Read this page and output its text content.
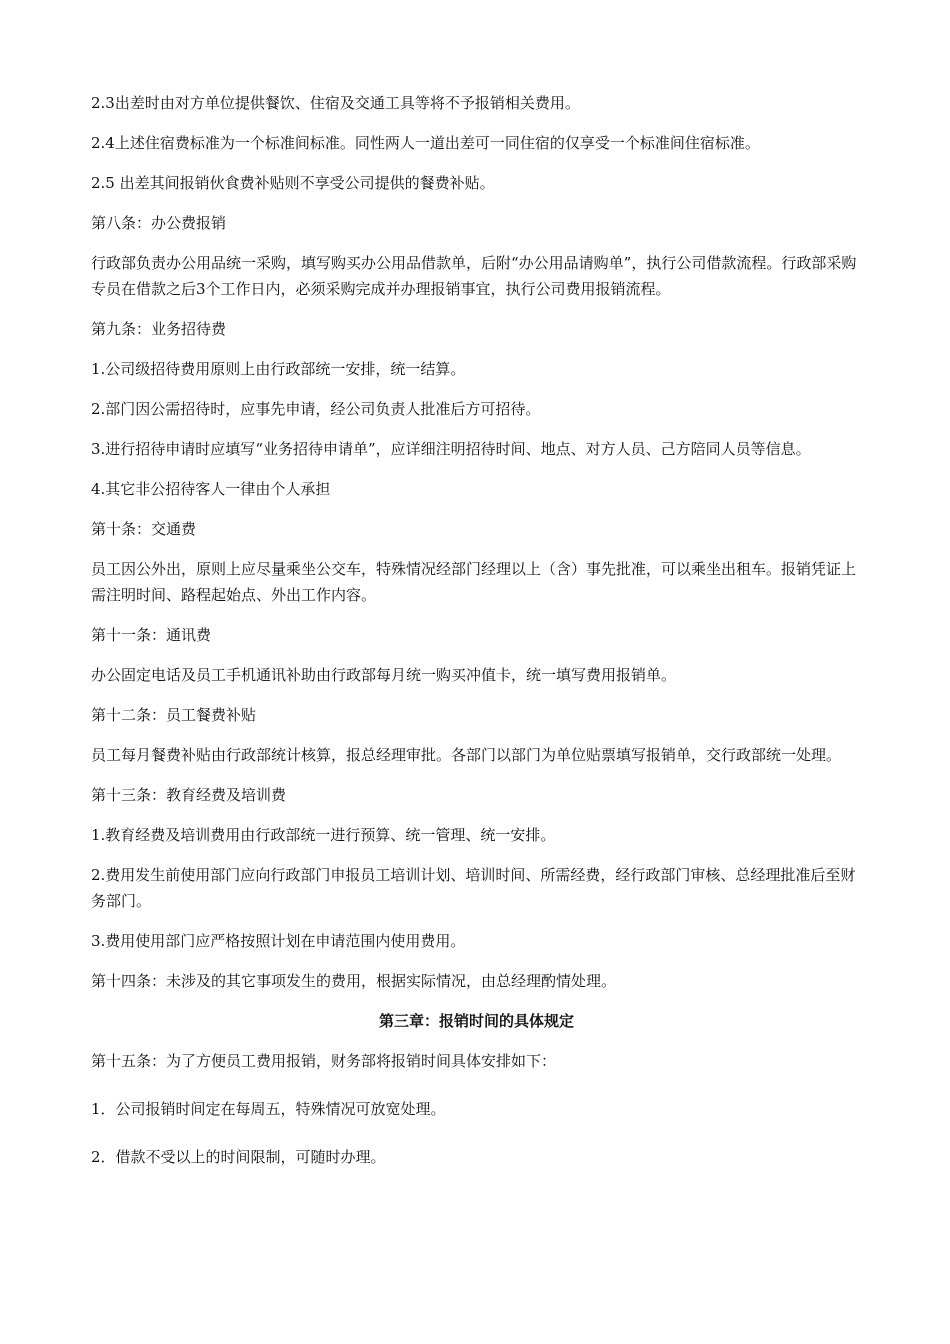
2.3出差时由对方单位提供餐饮、住宿及交通工具等将不予报销相关费用。

2.4上述住宿费标准为一个标准间标准。同性两人一道出差可一同住宿的仅享受一个标准间住宿标准。

2.5 出差其间报销伙食费补贴则不享受公司提供的餐费补贴。

第八条：办公费报销

行政部负责办公用品统一采购，填写购买办公用品借款单，后附“办公用品请购单”，执行公司借款流程。行政部采购专员在借款之后3个工作日内，必须采购完成并办理报销事宜，执行公司费用报销流程。

第九条：业务招待费

1.公司级招待费用原则上由行政部统一安排，统一结算。

2.部门因公需招待时，应事先申请，经公司负责人批准后方可招待。

3.进行招待申请时应填写“业务招待申请单”，应详细注明招待时间、地点、对方人员、己方陪同人员等信息。

4.其它非公招待客人一律由个人承担

第十条：交通费

员工因公外出，原则上应尽量乘坐公交车，特殊情况经部门经理以上（含）事先批准，可以乘坐出租车。报销凭证上需注明时间、路程起始点、外出工作内容。

第十一条：通讯费

办公固定电话及员工手机通讯补助由行政部每月统一购买冲值卡，统一填写费用报销单。

第十二条：员工餐费补贴

员工每月餐费补贴由行政部统计核算，报总经理审批。各部门以部门为单位贴票填写报销单，交行政部统一处理。

第十三条：教育经费及培训费

1.教育经费及培训费用由行政部统一进行预算、统一管理、统一安排。

2.费用发生前使用部门应向行政部门申报员工培训计划、培训时间、所需经费，经行政部门审核、总经理批准后至财务部门。

3.费用使用部门应严格按照计划在申请范围内使用费用。

第十四条：未涉及的其它事项发生的费用，根据实际情况，由总经理酌情处理。

第三章：报销时间的具体规定

第十五条：为了方便员工费用报销，财务部将报销时间具体安排如下：

1．公司报销时间定在每周五，特殊情况可放宽处理。

2．借款不受以上的时间限制，可随时办理。
